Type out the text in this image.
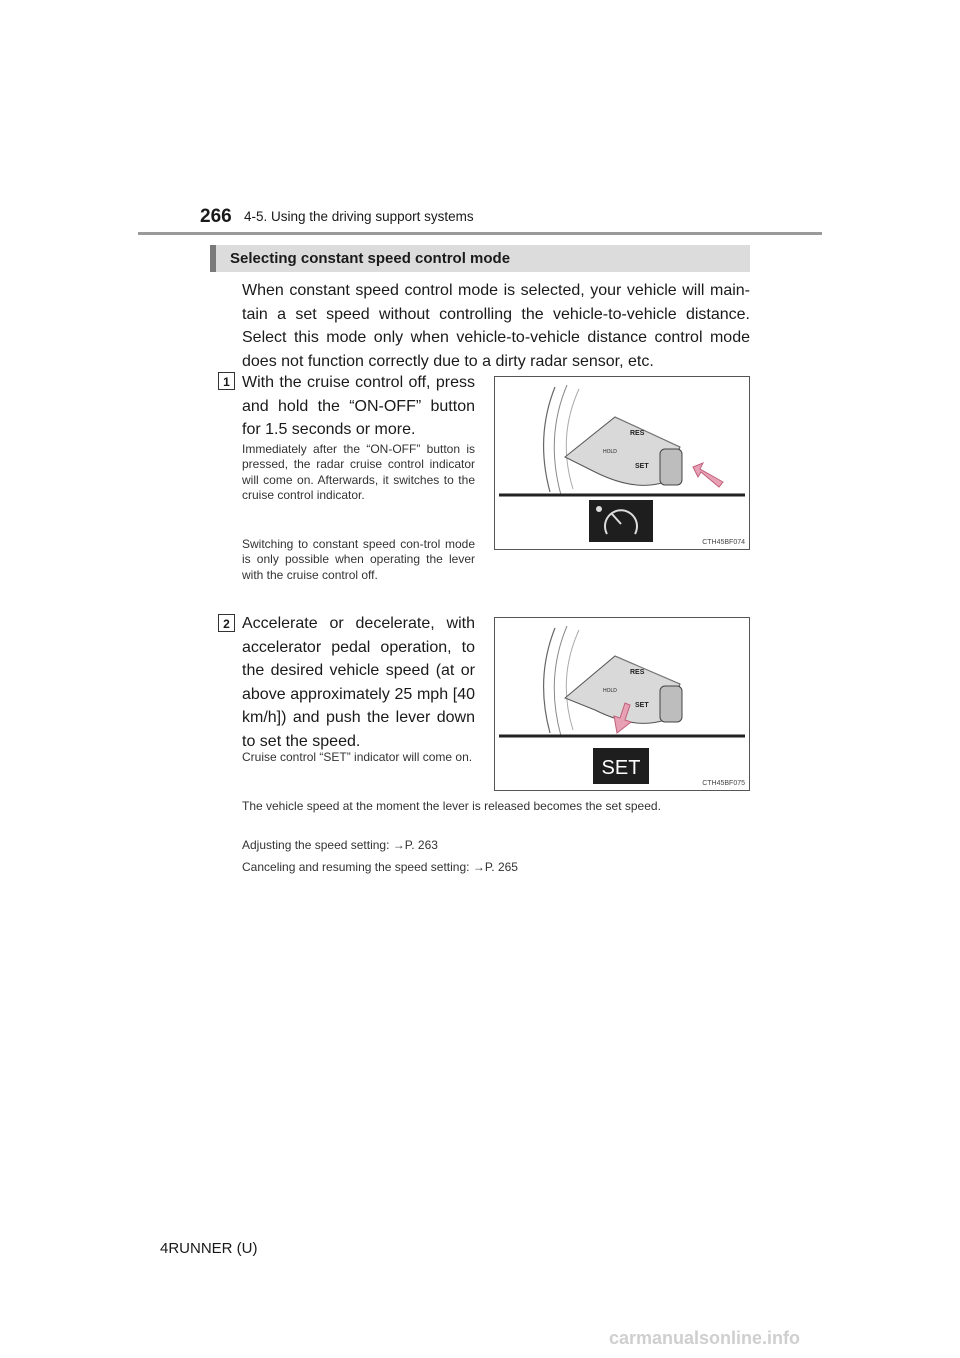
266 4-5. Using the driving support systems
Selecting constant speed control mode
When constant speed control mode is selected, your vehicle will main-tain a set speed without controlling the vehicle-to-vehicle distance. Select this mode only when vehicle-to-vehicle distance control mode does not function correctly due to a dirty radar sensor, etc.
1 With the cruise control off, press and hold the “ON-OFF” button for 1.5 seconds or more.
Immediately after the “ON-OFF” button is pressed, the radar cruise control indicator will come on. Afterwards, it switches to the cruise control indicator.
Switching to constant speed con-trol mode is only possible when operating the lever with the cruise control off.
RES
SET
HOLD
CTH45BF074
2 Accelerate or decelerate, with accelerator pedal operation, to the desired vehicle speed (at or above approximately 25 mph [40 km/h]) and push the lever down to set the speed.
Cruise control “SET” indicator will come on.
RES
SET
HOLD
SET
CTH45BF075
The vehicle speed at the moment the lever is released becomes the set speed.
Adjusting the speed setting: →P. 263
Canceling and resuming the speed setting: →P. 265
4RUNNER (U)
carmanualsonline.info
